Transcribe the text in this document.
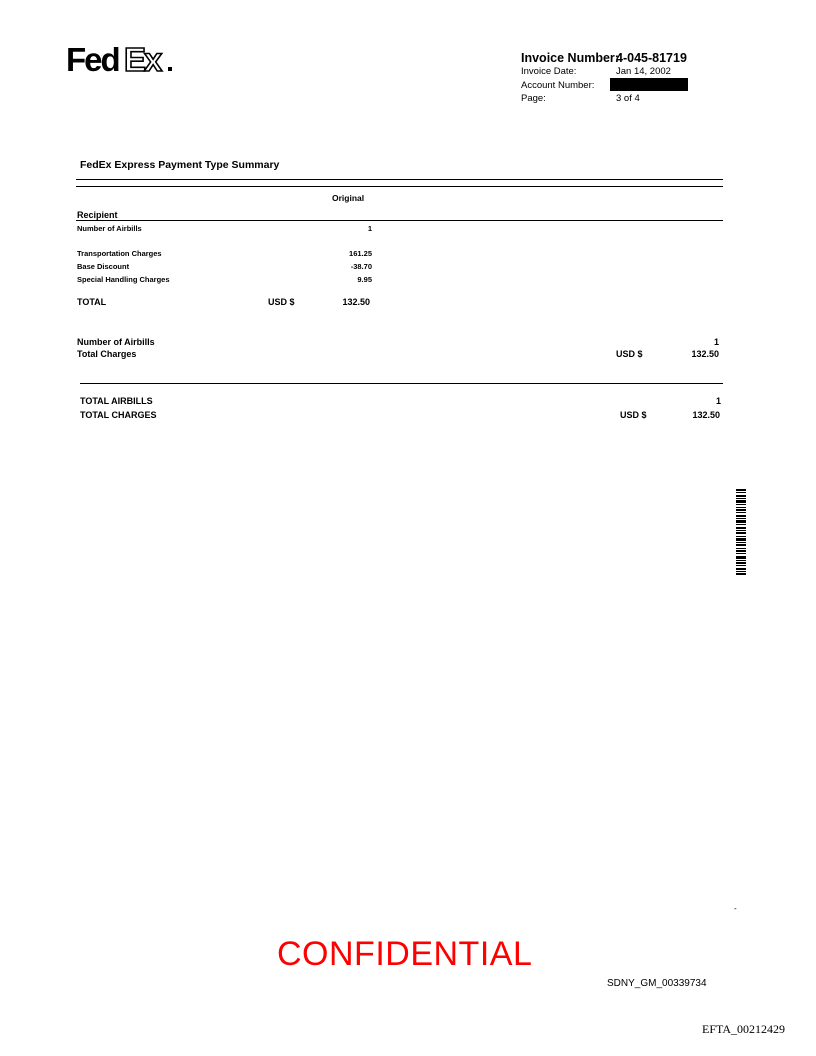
Fed Ex	Invoice Number:
4-045-81719
Invoice Date:	Jan 14, 2002
Account Number:
Page:	3 of 4
FedEx Express Payment Type Summary
Original
Recipient
Number of Airbills	1
Transportation Charges	161.25
Base Discount	-38.70
Special Handling Charges	9.95
TOTAL	USD $	132.50
Number of Airbills	1
Total Charges	USD $	132.50
TOTAL AIRBILLS	1
TOTAL CHARGES	USD $	132.50
-
CONFIDENTIAL
SDNY_GM_00339734
EFTA_00212429
